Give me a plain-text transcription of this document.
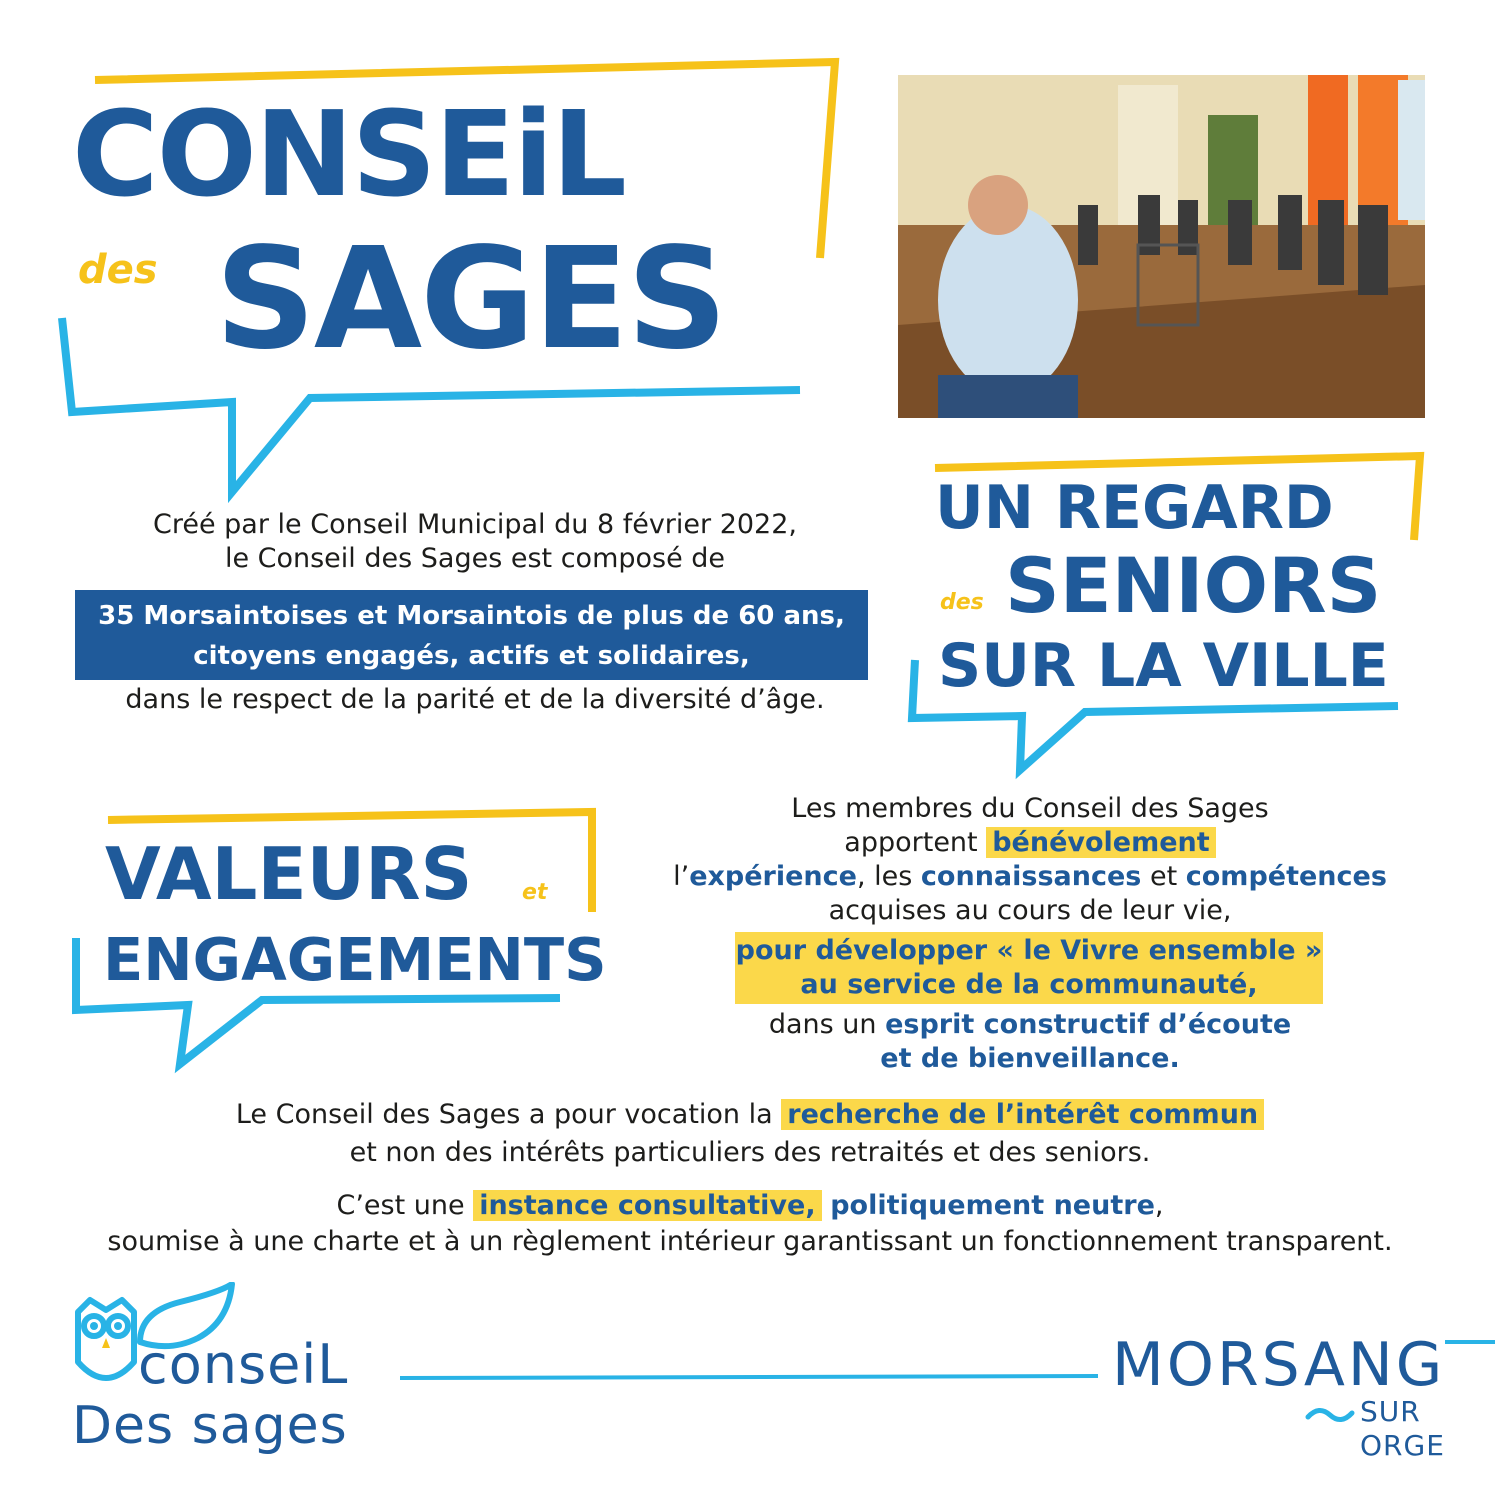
CONSEiL
des SAGES
Créé par le Conseil Municipal du 8 février 2022,
le Conseil des Sages est composé de
35 Morsaintoises et Morsaintois de plus de 60 ans,
citoyens engagés, actifs et solidaires,
dans le respect de la parité et de la diversité d’âge.
UN REGARD
des SENIORS
SUR LA VILLE
VALEURS et
ENGAGEMENTS
Les membres du Conseil des Sages
apportent bénévolement
l’expérience, les connaissances et compétences
acquises au cours de leur vie,
pour développer « le Vivre ensemble »
au service de la communauté,
dans un esprit constructif d’écoute
et de bienveillance.
Le Conseil des Sages a pour vocation la recherche de l’intérêt commun
et non des intérêts particuliers des retraités et des seniors.
C’est une instance consultative, politiquement neutre,
soumise à une charte et à un règlement intérieur garantissant un fonctionnement transparent.
conseiL
Des sages
MORSANG
SUR
ORGE
